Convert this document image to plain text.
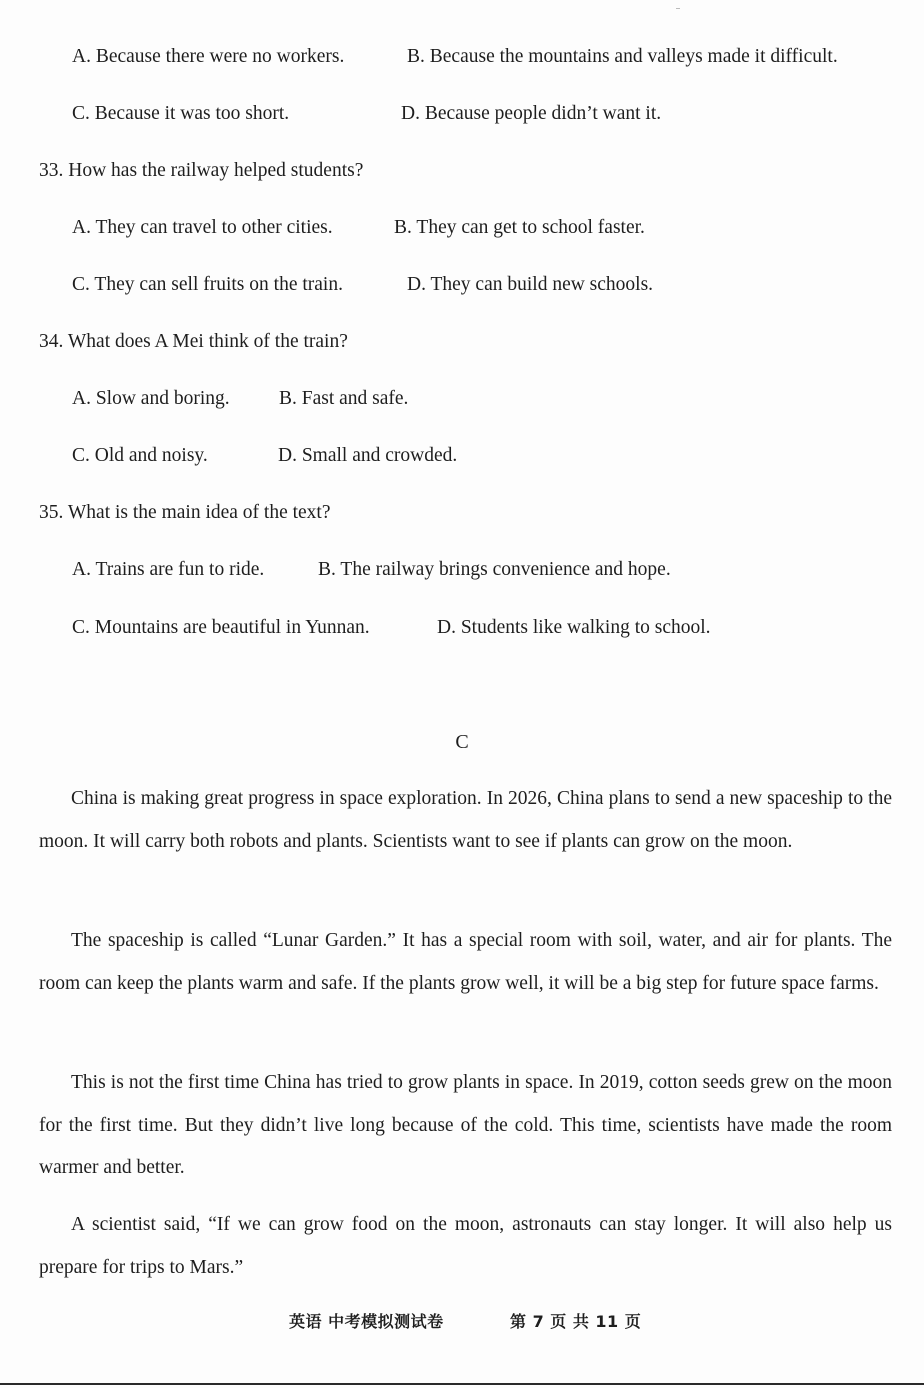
A. Because there were no workers.	B. Because the mountains and valleys made it difficult.
C. Because it was too short.	D. Because people didn’t want it.
33. How has the railway helped students?
A. They can travel to other cities.	B. They can get to school faster.
C. They can sell fruits on the train.	D. They can build new schools.
34. What does A Mei think of the train?
A. Slow and boring.	B. Fast and safe.
C. Old and noisy.	D. Small and crowded.
35. What is the main idea of the text?
A. Trains are fun to ride.	B. The railway brings convenience and hope.
C. Mountains are beautiful in Yunnan.	D. Students like walking to school.
C

China is making great progress in space exploration. In 2026, China plans to send a new spaceship to the moon. It will carry both robots and plants. Scientists want to see if plants can grow on the moon.

The spaceship is called “Lunar Garden.” It has a special room with soil, water, and air for plants. The room can keep the plants warm and safe. If the plants grow well, it will be a big step for future space farms.

This is not the first time China has tried to grow plants in space. In 2019, cotton seeds grew on the moon for the first time. But they didn’t live long because of the cold. This time, scientists have made the room warmer and better.

A scientist said, “If we can grow food on the moon, astronauts can stay longer. It will also help us prepare for trips to Mars.”

英语 中考模拟测试卷	第 7 页 共 11 页
